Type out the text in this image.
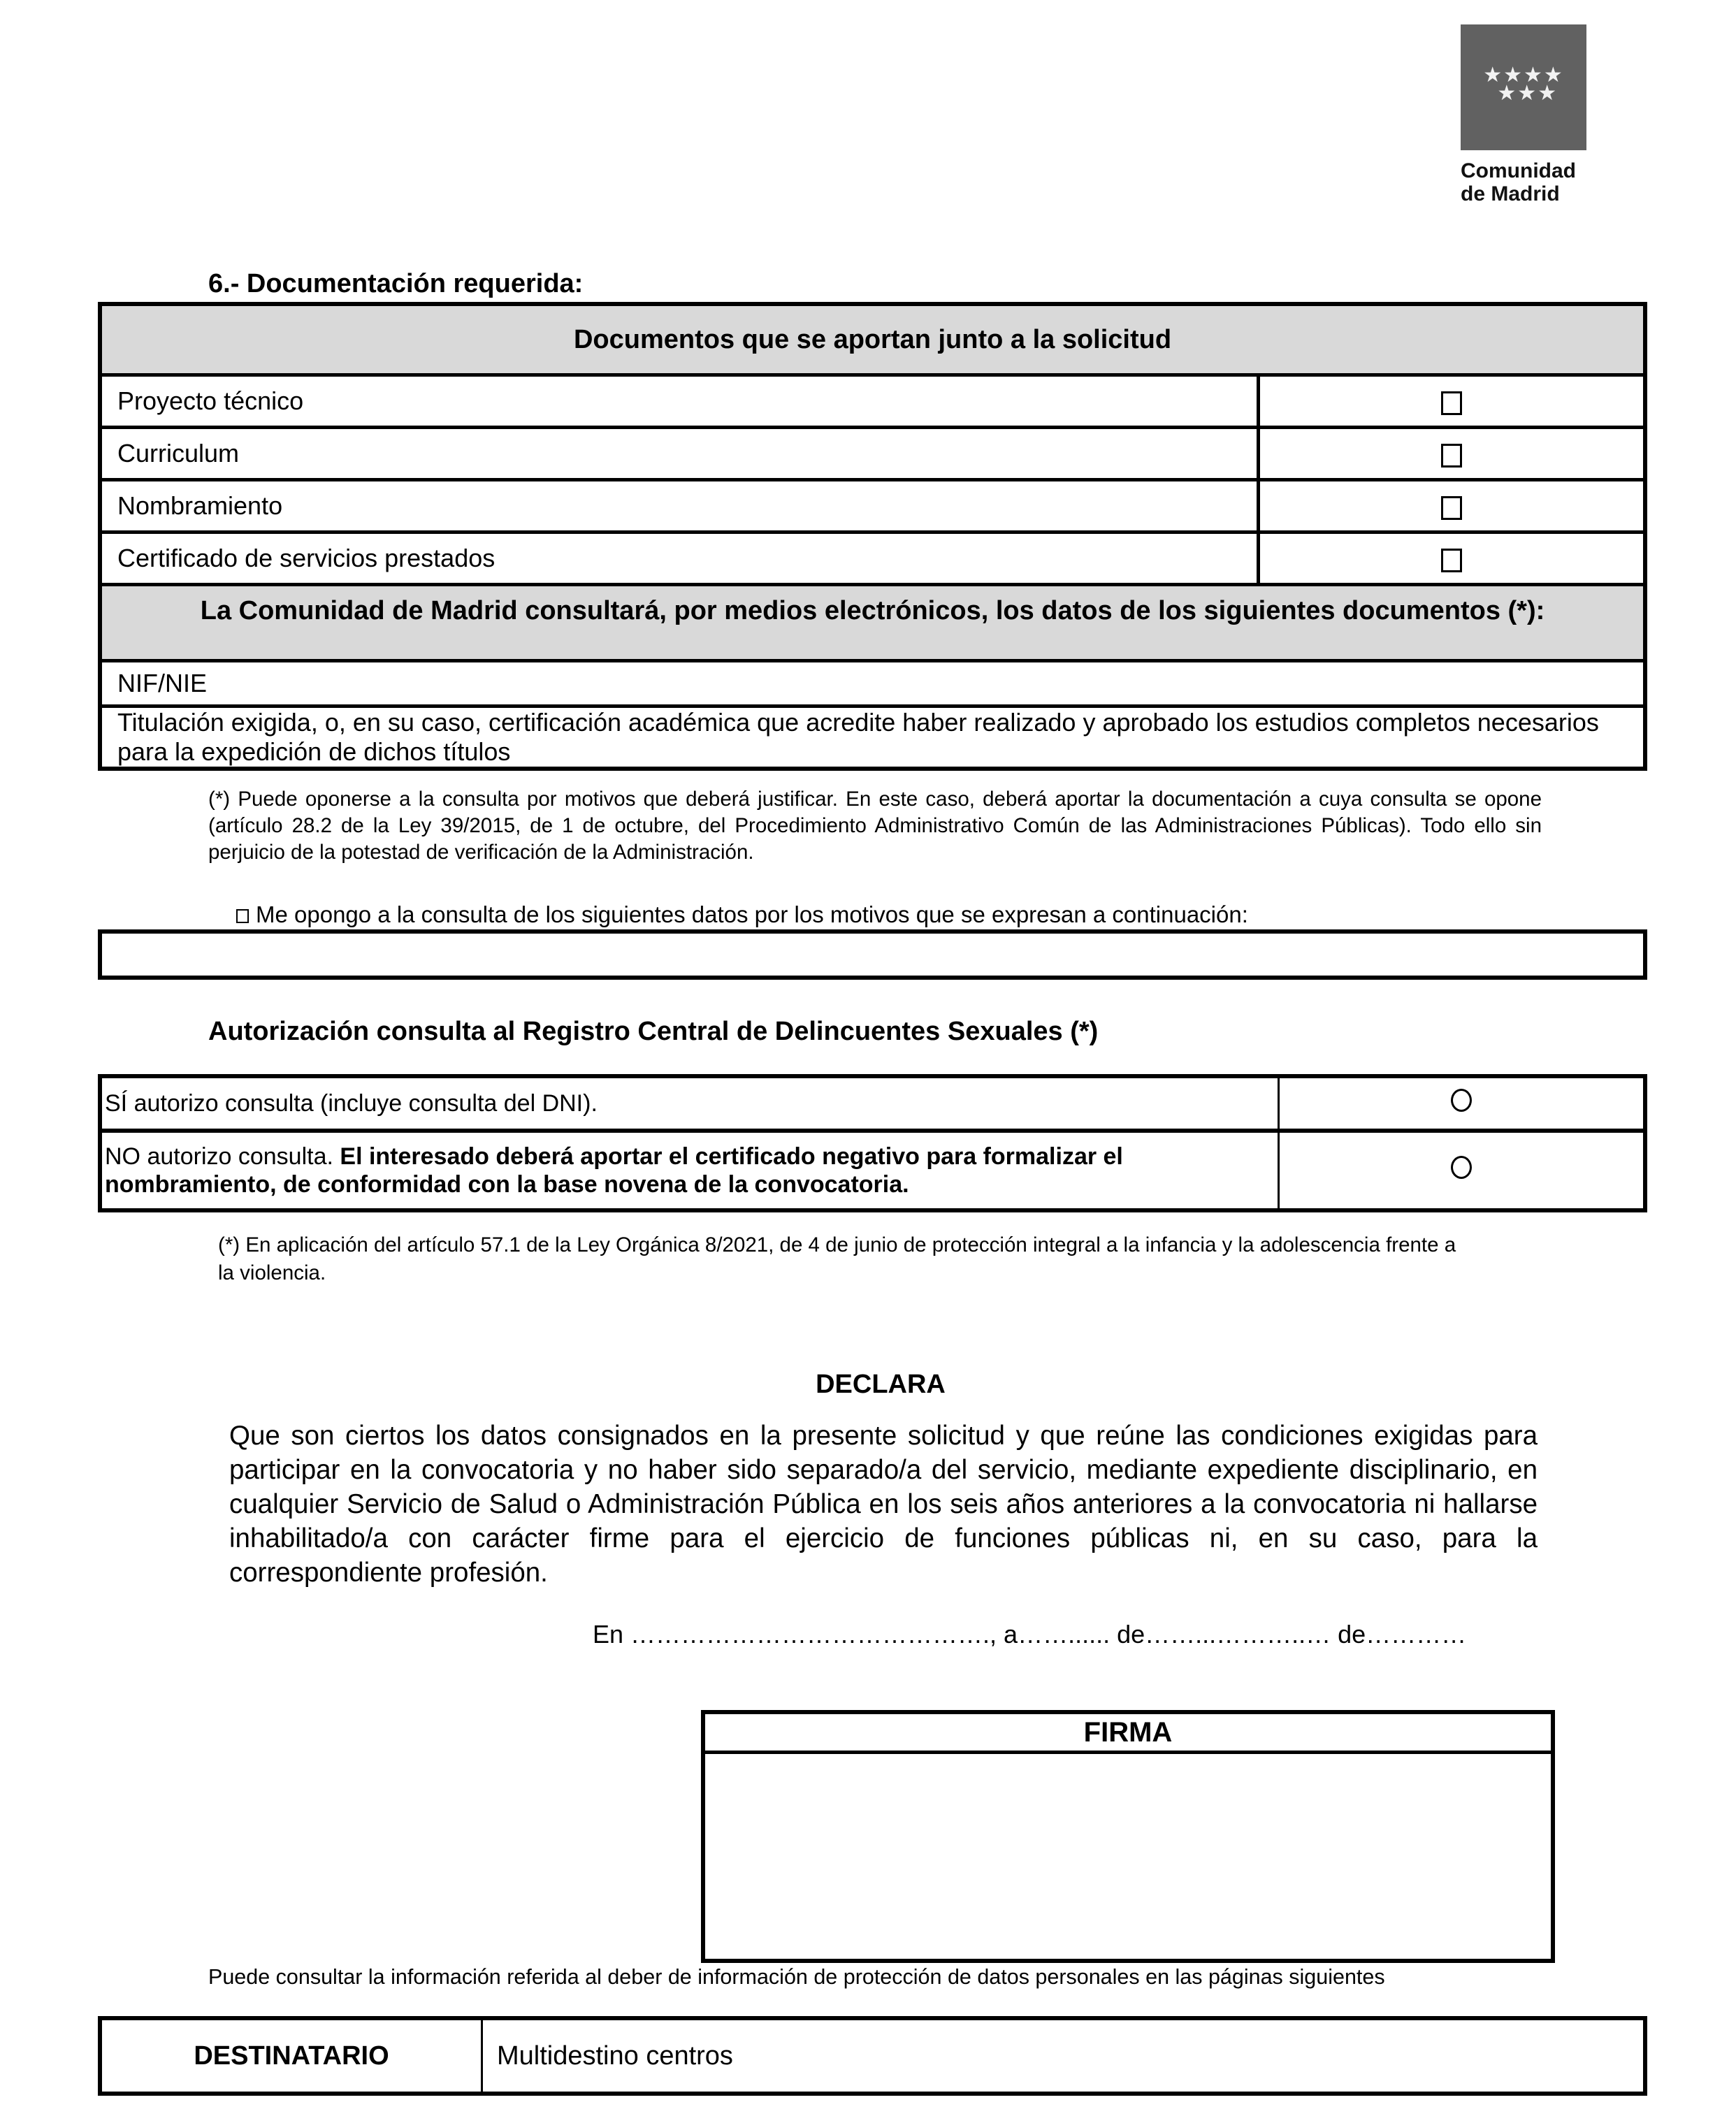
★★★★
★★★
Comunidad
de Madrid
6.- Documentación requerida:
Documentos que se aportan junto a la solicitud	
Proyecto técnico	
Curriculum	
Nombramiento	
Certificado de servicios prestados	
La Comunidad de Madrid consultará, por medios electrónicos, los datos de los siguientes documentos (*):	
NIF/NIE	
Titulación exigida, o, en su caso, certificación académica que acredite haber realizado y aprobado los estudios completos necesarios para la expedición de dichos títulos	
(*) Puede oponerse a la consulta por motivos que deberá justificar. En este caso, deberá aportar la documentación a cuya consulta se opone (artículo 28.2 de la Ley 39/2015, de 1 de octubre, del Procedimiento Administrativo Común de las Administraciones Públicas). Todo ello sin perjuicio de la potestad de verificación de la Administración.
Me opongo a la consulta de los siguientes datos por los motivos que se expresan a continuación:
Autorización consulta al Registro Central de Delincuentes Sexuales (*)
SÍ autorizo consulta (incluye consulta del DNI).	
NO autorizo consulta. El interesado deberá aportar el certificado negativo para formalizar el nombramiento, de conformidad con la base novena de la convocatoria.	
(*) En aplicación del artículo 57.1 de la Ley Orgánica 8/2021, de 4 de junio de protección integral a la infancia y la adolescencia frente a la violencia.
DECLARA
Que son ciertos los datos consignados en la presente solicitud y que reúne las condiciones exigidas para participar en la convocatoria y no haber sido separado/a del servicio, mediante expediente disciplinario, en cualquier Servicio de Salud o Administración Pública en los seis años anteriores a la convocatoria ni hallarse inhabilitado/a con carácter firme para el ejercicio de funciones públicas ni, en su caso, para la correspondiente profesión.
En ……………………………………., a……...... de……...………..… de…………
FIRMA
Puede consultar la información referida al deber de información de protección de datos personales en las páginas siguientes
DESTINATARIO	Multidestino centros
